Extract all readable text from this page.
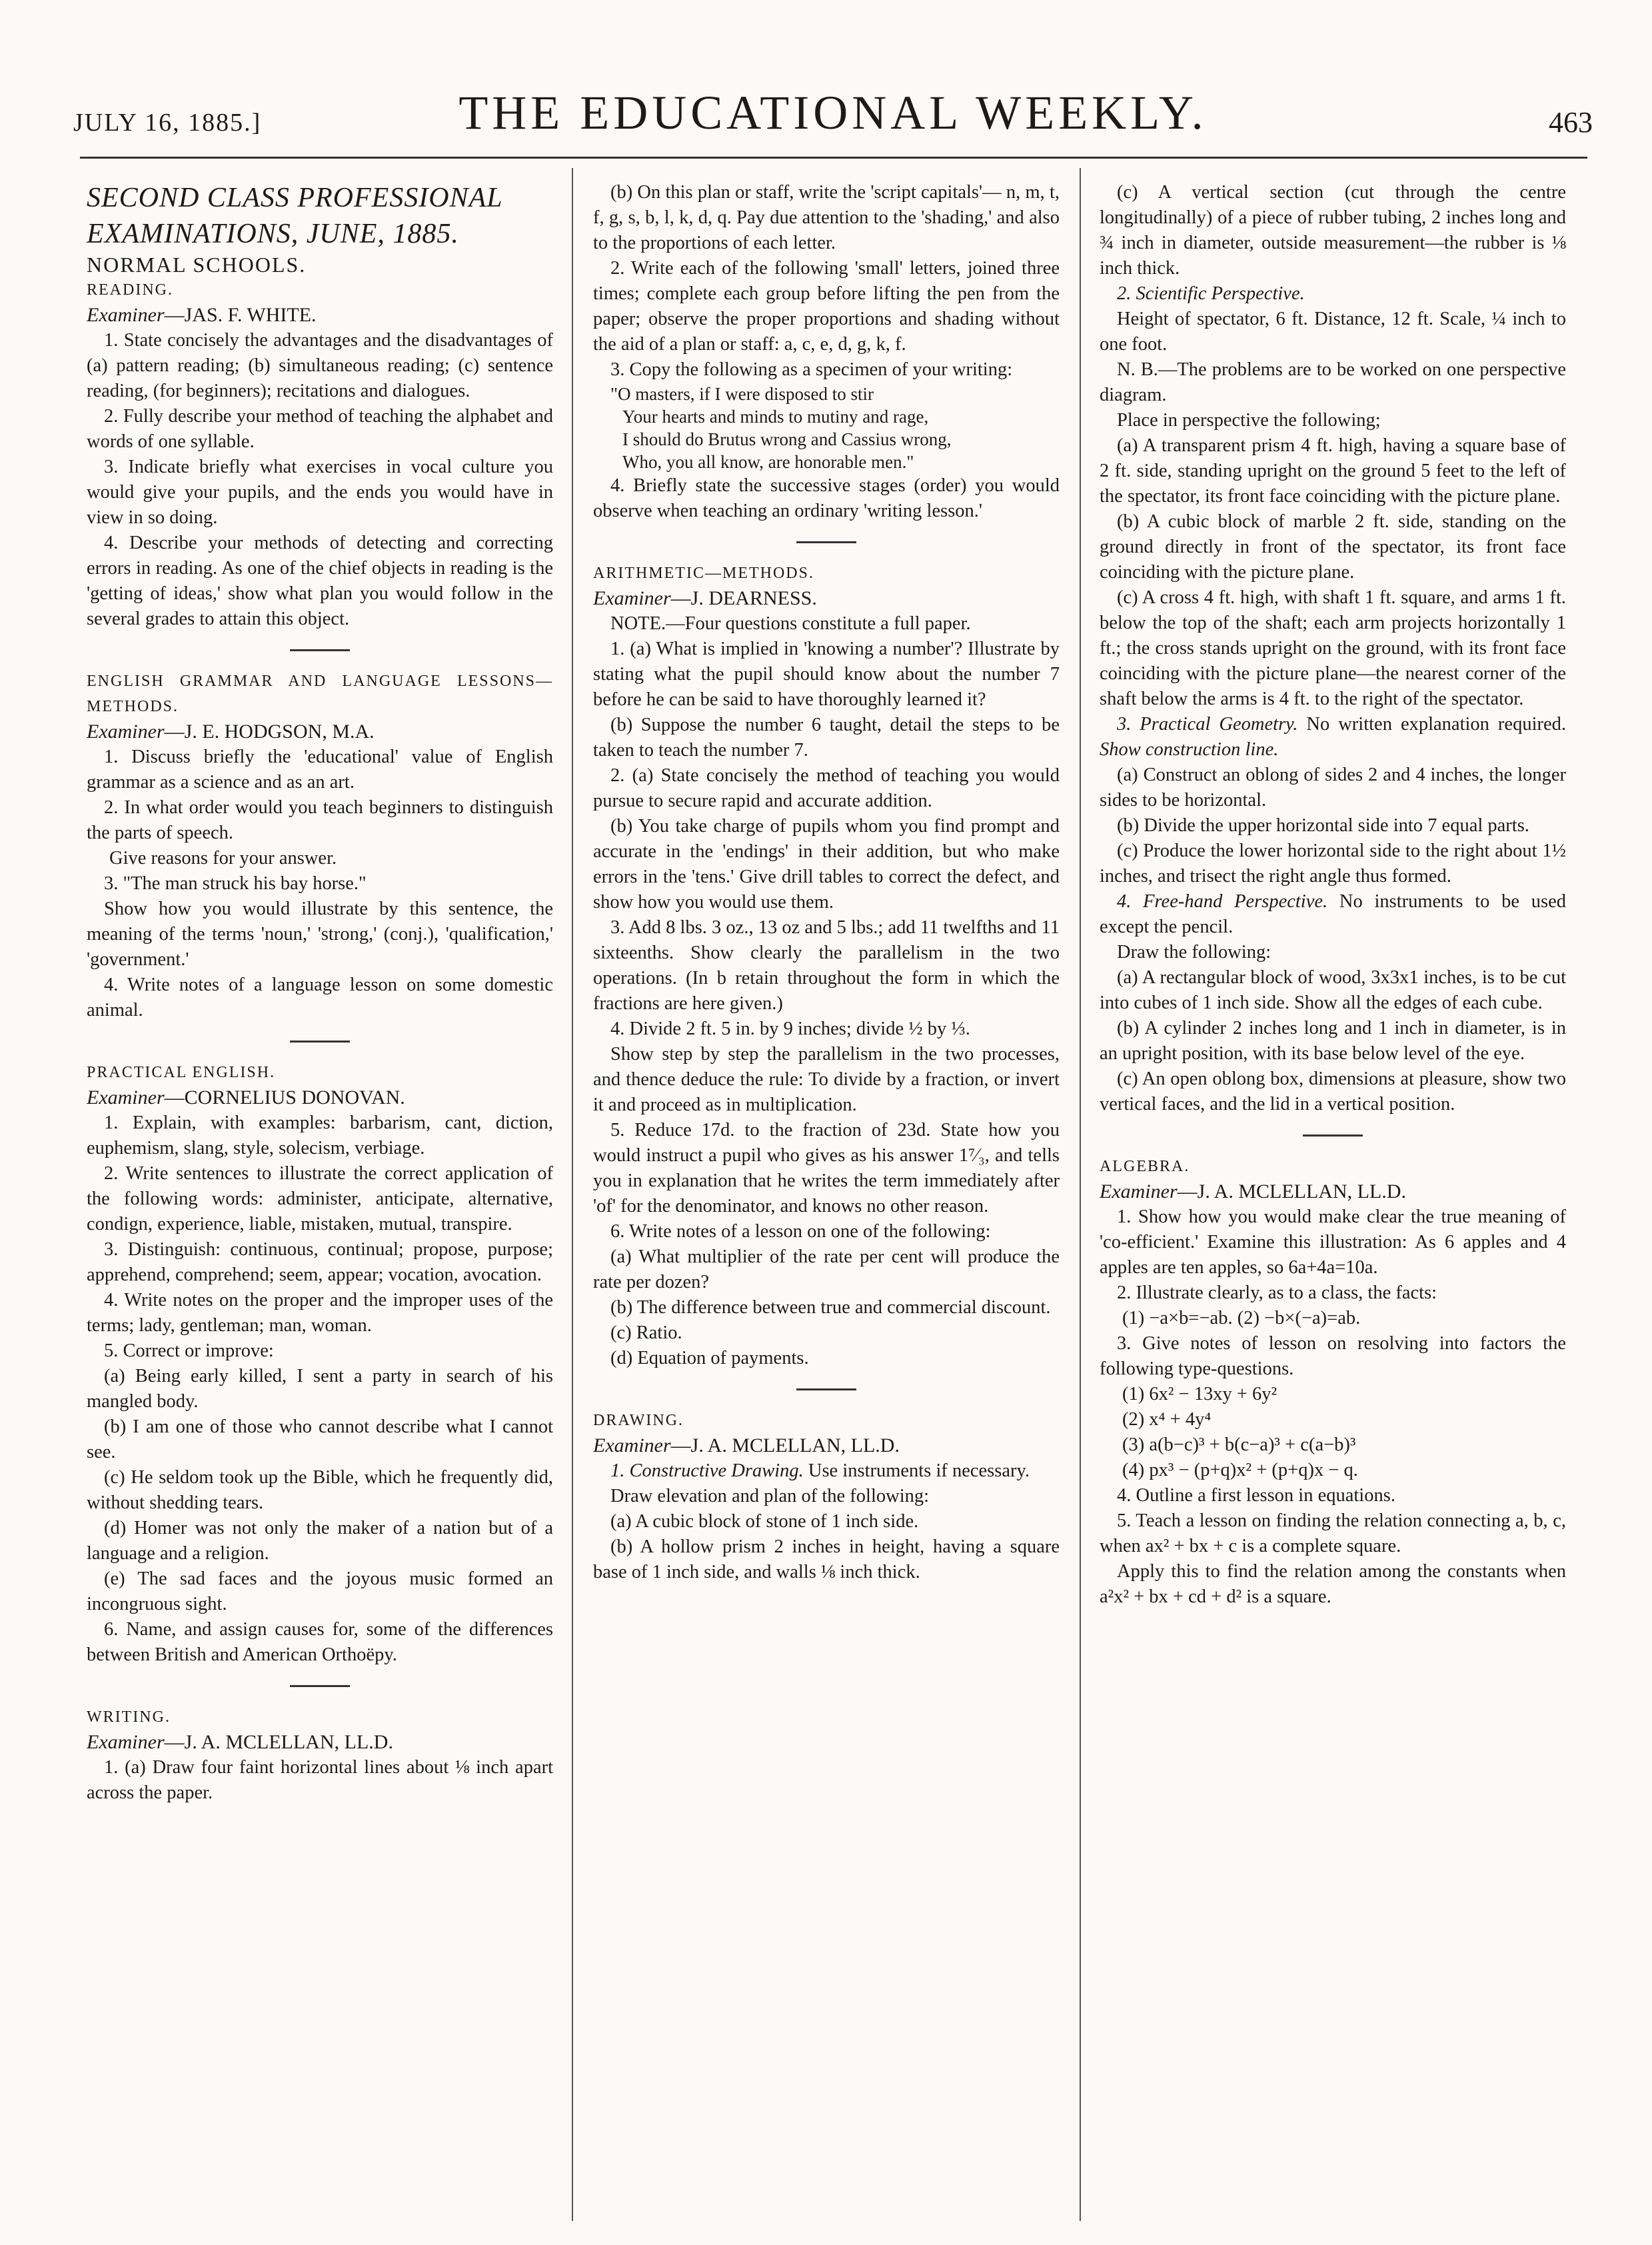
JULY 16, 1885.]	THE EDUCATIONAL WEEKLY.	463

SECOND CLASS PROFESSIONAL

EXAMINATIONS, JUNE, 1885.

NORMAL SCHOOLS.

READING.

Examiner—JAS. F. WHITE.

1. State concisely the advantages and the disadvantages of (a) pattern reading; (b) simultaneous reading; (c) sentence reading, (for beginners); recitations and dialogues.

2. Fully describe your method of teaching the alphabet and words of one syllable.

3. Indicate briefly what exercises in vocal culture you would give your pupils, and the ends you would have in view in so doing.

4. Describe your methods of detecting and correcting errors in reading. As one of the chief objects in reading is the 'getting of ideas,' show what plan you would follow in the several grades to attain this object.

ENGLISH GRAMMAR AND LANGUAGE LESSONS—METHODS.

Examiner—J. E. HODGSON, M.A.

1. Discuss briefly the 'educational' value of English grammar as a science and as an art.

2. In what order would you teach beginners to distinguish the parts of speech.

Give reasons for your answer.

3. "The man struck his bay horse."

Show how you would illustrate by this sentence, the meaning of the terms 'noun,' 'strong,' (conj.), 'qualification,' 'government.'

4. Write notes of a language lesson on some domestic animal.

PRACTICAL ENGLISH.

Examiner—CORNELIUS DONOVAN.

1. Explain, with examples: barbarism, cant, diction, euphemism, slang, style, solecism, verbiage.

2. Write sentences to illustrate the correct application of the following words: administer, anticipate, alternative, condign, experience, liable, mistaken, mutual, transpire.

3. Distinguish: continuous, continual; propose, purpose; apprehend, comprehend; seem, appear; vocation, avocation.

4. Write notes on the proper and the improper uses of the terms; lady, gentleman; man, woman.

5. Correct or improve:

(a) Being early killed, I sent a party in search of his mangled body.

(b) I am one of those who cannot describe what I cannot see.

(c) He seldom took up the Bible, which he frequently did, without shedding tears.

(d) Homer was not only the maker of a nation but of a language and a religion.

(e) The sad faces and the joyous music formed an incongruous sight.

6. Name, and assign causes for, some of the differences between British and American Orthoëpy.

WRITING.

Examiner—J. A. MCLELLAN, LL.D.

1. (a) Draw four faint horizontal lines about ⅛ inch apart across the paper.

(b) On this plan or staff, write the 'script capitals'— n, m, t, f, g, s, b, l, k, d, q. Pay due attention to the 'shading,' and also to the proportions of each letter.

2. Write each of the following 'small' letters, joined three times; complete each group before lifting the pen from the paper; observe the proper proportions and shading without the aid of a plan or staff: a, c, e, d, g, k, f.

3. Copy the following as a specimen of your writing:

"O masters, if I were disposed to stir
Your hearts and minds to mutiny and rage,
I should do Brutus wrong and Cassius wrong,
Who, you all know, are honorable men."

4. Briefly state the successive stages (order) you would observe when teaching an ordinary 'writing lesson.'

ARITHMETIC—METHODS.

Examiner—J. DEARNESS.

NOTE.—Four questions constitute a full paper.

1. (a) What is implied in 'knowing a number'? Illustrate by stating what the pupil should know about the number 7 before he can be said to have thoroughly learned it?

(b) Suppose the number 6 taught, detail the steps to be taken to teach the number 7.

2. (a) State concisely the method of teaching you would pursue to secure rapid and accurate addition.

(b) You take charge of pupils whom you find prompt and accurate in the 'endings' in their addition, but who make errors in the 'tens.' Give drill tables to correct the defect, and show how you would use them.

3. Add 8 lbs. 3 oz., 13 oz and 5 lbs.; add 11 twelfths and 11 sixteenths. Show clearly the parallelism in the two operations. (In b retain throughout the form in which the fractions are here given.)

4. Divide 2 ft. 5 in. by 9 inches; divide ½ by ⅓.

Show step by step the parallelism in the two processes, and thence deduce the rule: To divide by a fraction, or invert it and proceed as in multiplication.

5. Reduce 17d. to the fraction of 23d. State how you would instruct a pupil who gives as his answer 1⁷⁄₃, and tells you in explanation that he writes the term immediately after 'of' for the denominator, and knows no other reason.

6. Write notes of a lesson on one of the following:

(a) What multiplier of the rate per cent will produce the rate per dozen?

(b) The difference between true and commercial discount.

(c) Ratio.

(d) Equation of payments.

DRAWING.

Examiner—J. A. MCLELLAN, LL.D.

1. Constructive Drawing. Use instruments if necessary.

Draw elevation and plan of the following:

(a) A cubic block of stone of 1 inch side.

(b) A hollow prism 2 inches in height, having a square base of 1 inch side, and walls ⅛ inch thick.

(c) A vertical section (cut through the centre longitudinally) of a piece of rubber tubing, 2 inches long and ¾ inch in diameter, outside measurement—the rubber is ⅛ inch thick.

2. Scientific Perspective.

Height of spectator, 6 ft. Distance, 12 ft. Scale, ¼ inch to one foot.

N. B.—The problems are to be worked on one perspective diagram.

Place in perspective the following;

(a) A transparent prism 4 ft. high, having a square base of 2 ft. side, standing upright on the ground 5 feet to the left of the spectator, its front face coinciding with the picture plane.

(b) A cubic block of marble 2 ft. side, standing on the ground directly in front of the spectator, its front face coinciding with the picture plane.

(c) A cross 4 ft. high, with shaft 1 ft. square, and arms 1 ft. below the top of the shaft; each arm projects horizontally 1 ft.; the cross stands upright on the ground, with its front face coinciding with the picture plane—the nearest corner of the shaft below the arms is 4 ft. to the right of the spectator.

3. Practical Geometry. No written explanation required. Show construction line.

(a) Construct an oblong of sides 2 and 4 inches, the longer sides to be horizontal.

(b) Divide the upper horizontal side into 7 equal parts.

(c) Produce the lower horizontal side to the right about 1½ inches, and trisect the right angle thus formed.

4. Free-hand Perspective. No instruments to be used except the pencil.

Draw the following:

(a) A rectangular block of wood, 3x3x1 inches, is to be cut into cubes of 1 inch side. Show all the edges of each cube.

(b) A cylinder 2 inches long and 1 inch in diameter, is in an upright position, with its base below level of the eye.

(c) An open oblong box, dimensions at pleasure, show two vertical faces, and the lid in a vertical position.

ALGEBRA.

Examiner—J. A. MCLELLAN, LL.D.

1. Show how you would make clear the true meaning of 'co-efficient.' Examine this illustration: As 6 apples and 4 apples are ten apples, so 6a+4a=10a.

2. Illustrate clearly, as to a class, the facts:

(1) −a×b=−ab. (2) −b×(−a)=ab.

3. Give notes of lesson on resolving into factors the following type-questions.

(1) 6x² − 13xy + 6y²

(2) x⁴ + 4y⁴

(3) a(b−c)³ + b(c−a)³ + c(a−b)³

(4) px³ − (p+q)x² + (p+q)x − q.

4. Outline a first lesson in equations.

5. Teach a lesson on finding the relation connecting a, b, c, when ax² + bx + c is a complete square.

Apply this to find the relation among the constants when a²x² + bx + cd + d² is a square.
